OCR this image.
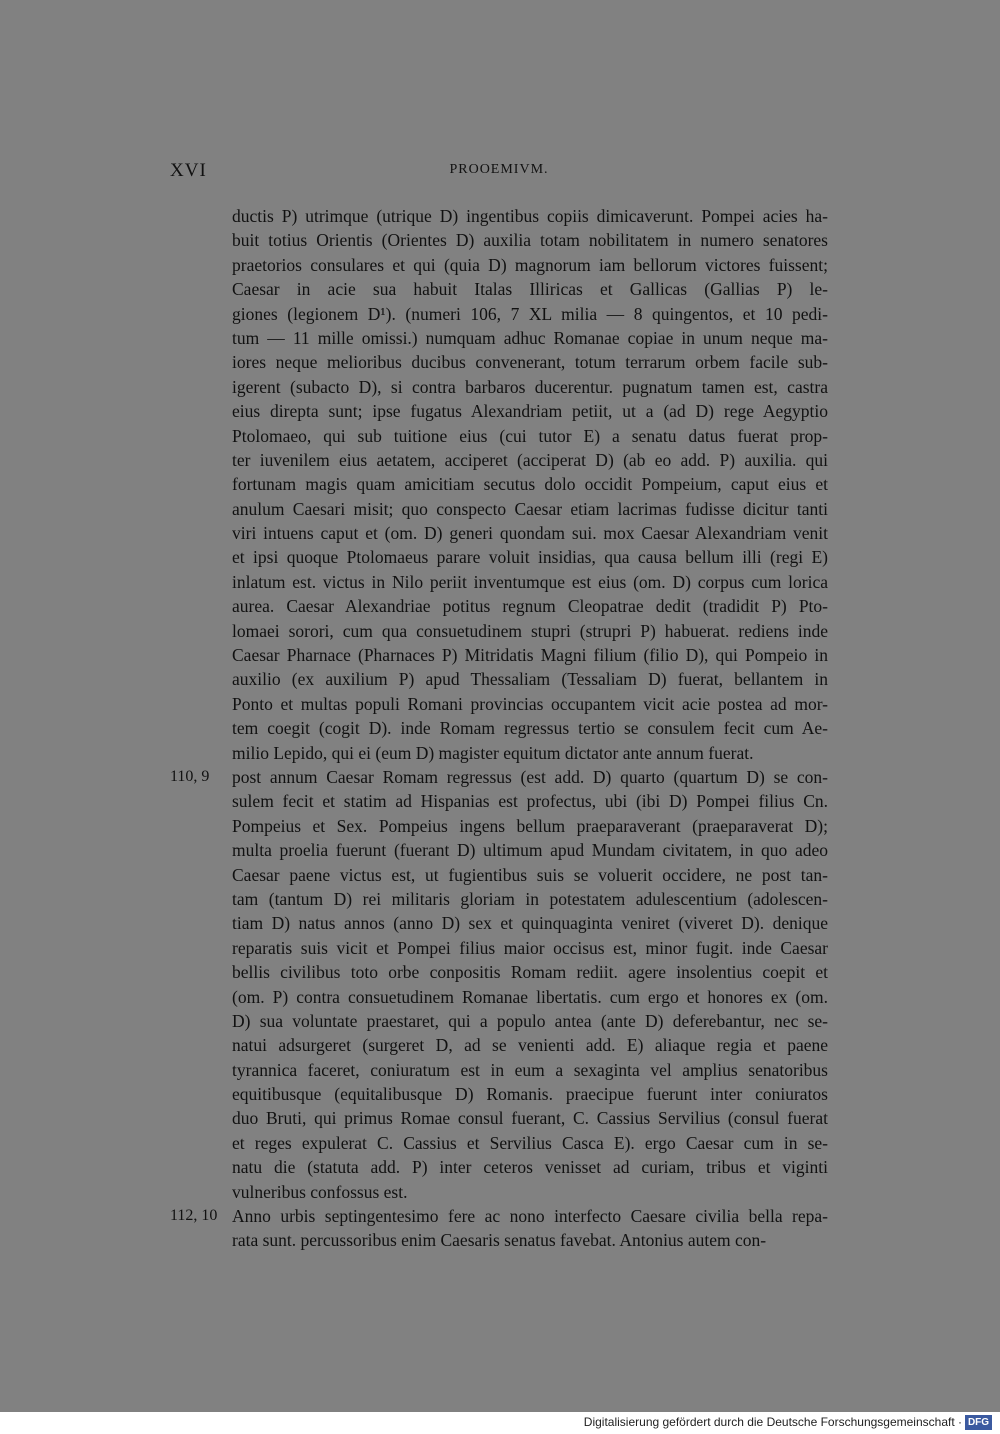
XVI	PROOEMIVM.
ductis P) utrimque (utrique D) ingentibus copiis dimicaverunt. Pompei acies ha-
buit totius Orientis (Orientes D) auxilia totam nobilitatem in numero senatores
praetorios consulares et qui (quia D) magnorum iam bellorum victores fuissent;
Caesar in acie sua habuit Italas Illiricas et Gallicas (Gallias P) le-
giones (legionem D¹). (numeri 106, 7 XL milia — 8 quingentos, et 10 pedi-
tum — 11 mille omissi.) numquam adhuc Romanae copiae in unum neque ma-
iores neque melioribus ducibus convenerant, totum terrarum orbem facile sub-
igerent (subacto D), si contra barbaros ducerentur. pugnatum tamen est, castra
eius direpta sunt; ipse fugatus Alexandriam petiit, ut a (ad D) rege Aegyptio
Ptolomaeo, qui sub tuitione eius (cui tutor E) a senatu datus fuerat prop-
ter iuvenilem eius aetatem, acciperet (acciperat D) (ab eo add. P) auxilia. qui
fortunam magis quam amicitiam secutus dolo occidit Pompeium, caput eius et
anulum Caesari misit; quo conspecto Caesar etiam lacrimas fudisse dicitur tanti
viri intuens caput et (om. D) generi quondam sui. mox Caesar Alexandriam venit
et ipsi quoque Ptolomaeus parare voluit insidias, qua causa bellum illi (regi E)
inlatum est. victus in Nilo periit inventumque est eius (om. D) corpus cum lorica
aurea. Caesar Alexandriae potitus regnum Cleopatrae dedit (tradidit P) Pto-
lomaei sorori, cum qua consuetudinem stupri (strupri P) habuerat. rediens inde
Caesar Pharnace (Pharnaces P) Mitridatis Magni filium (filio D), qui Pompeio in
auxilio (ex auxilium P) apud Thessaliam (Tessaliam D) fuerat, bellantem in
Ponto et multas populi Romani provincias occupantem vicit acie postea ad mor-
tem coegit (cogit D). inde Romam regressus tertio se consulem fecit cum Ae-
milio Lepido, qui ei (eum D) magister equitum dictator ante annum fuerat.
110, 9	post annum Caesar Romam regressus (est add. D) quarto (quartum D) se con-
sulem fecit et statim ad Hispanias est profectus, ubi (ibi D) Pompei filius Cn.
Pompeius et Sex. Pompeius ingens bellum praeparaverant (praeparaverat D);
multa proelia fuerunt (fuerant D) ultimum apud Mundam civitatem, in quo adeo
Caesar paene victus est, ut fugientibus suis se voluerit occidere, ne post tan-
tam (tantum D) rei militaris gloriam in potestatem adulescentium (adolescen-
tiam D) natus annos (anno D) sex et quinquaginta veniret (viveret D). denique
reparatis suis vicit et Pompei filius maior occisus est, minor fugit. inde Caesar
bellis civilibus toto orbe conpositis Romam rediit. agere insolentius coepit et
(om. P) contra consuetudinem Romanae libertatis. cum ergo et honores ex (om.
D) sua voluntate praestaret, qui a populo antea (ante D) deferebantur, nec se-
natui adsurgeret (surgeret D, ad se venienti add. E) aliaque regia et paene
tyrannica faceret, coniuratum est in eum a sexaginta vel amplius senatoribus
equitibusque (equitalibusque D) Romanis. praecipue fuerunt inter coniuratos
duo Bruti, qui primus Romae consul fuerant, C. Cassius Servilius (consul fuerat
et reges expulerat C. Cassius et Servilius Casca E). ergo Caesar cum in se-
natu die (statuta add. P) inter ceteros venisset ad curiam, tribus et viginti
vulneribus confossus est.
112, 10 Anno urbis septingentesimo fere ac nono interfecto Caesare civilia bella repa-
rata sunt. percussoribus enim Caesaris senatus favebat. Antonius autem con-
Digitalisierung gefördert durch die Deutsche Forschungsgemeinschaft · DFG
